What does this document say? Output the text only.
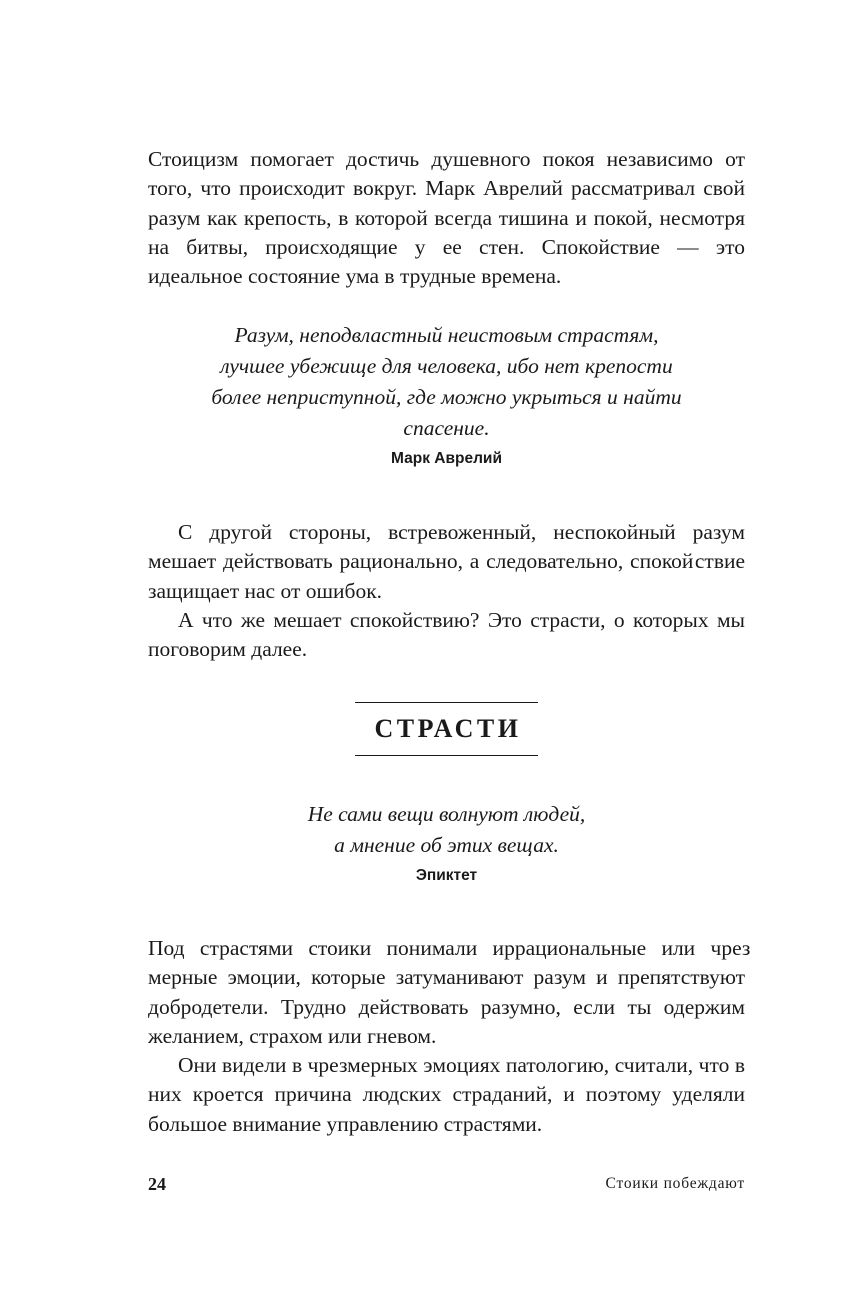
Стоицизм помогает достичь душевного покоя независимо от того, что происходит вокруг. Марк Аврелий рассматривал свой разум как крепость, в которой всегда тишина и покой, несмотря на битвы, происходящие у ее стен. Спокойствие — это идеальное состояние ума в трудные времена.

Разум, неподвластный неистовым страстям,
лучшее убежище для человека, ибо нет крепости
более неприступной, где можно укрыться и найти
спасение.

Марк Аврелий

С другой стороны, встревоженный, неспокойный разум мешает действовать рационально, а следовательно, спокой ствие защищает нас от ошибок.

А что же мешает спокойствию? Это страсти, о которых мы поговорим далее.

СТРАСТИ

Не сами вещи волнуют людей,
а мнение об этих вещах.

Эпиктет

Под страстями стоики понимали иррациональные или чрез мерные эмоции, которые затуманивают разум и препятствуют добродетели. Трудно действовать разумно, если ты одержим желанием, страхом или гневом.

Они видели в чрезмерных эмоциях патологию, считали, что в них кроется причина людских страданий, и поэтому уделяли большое внимание управлению страстями.

24	Стоики побеждают
